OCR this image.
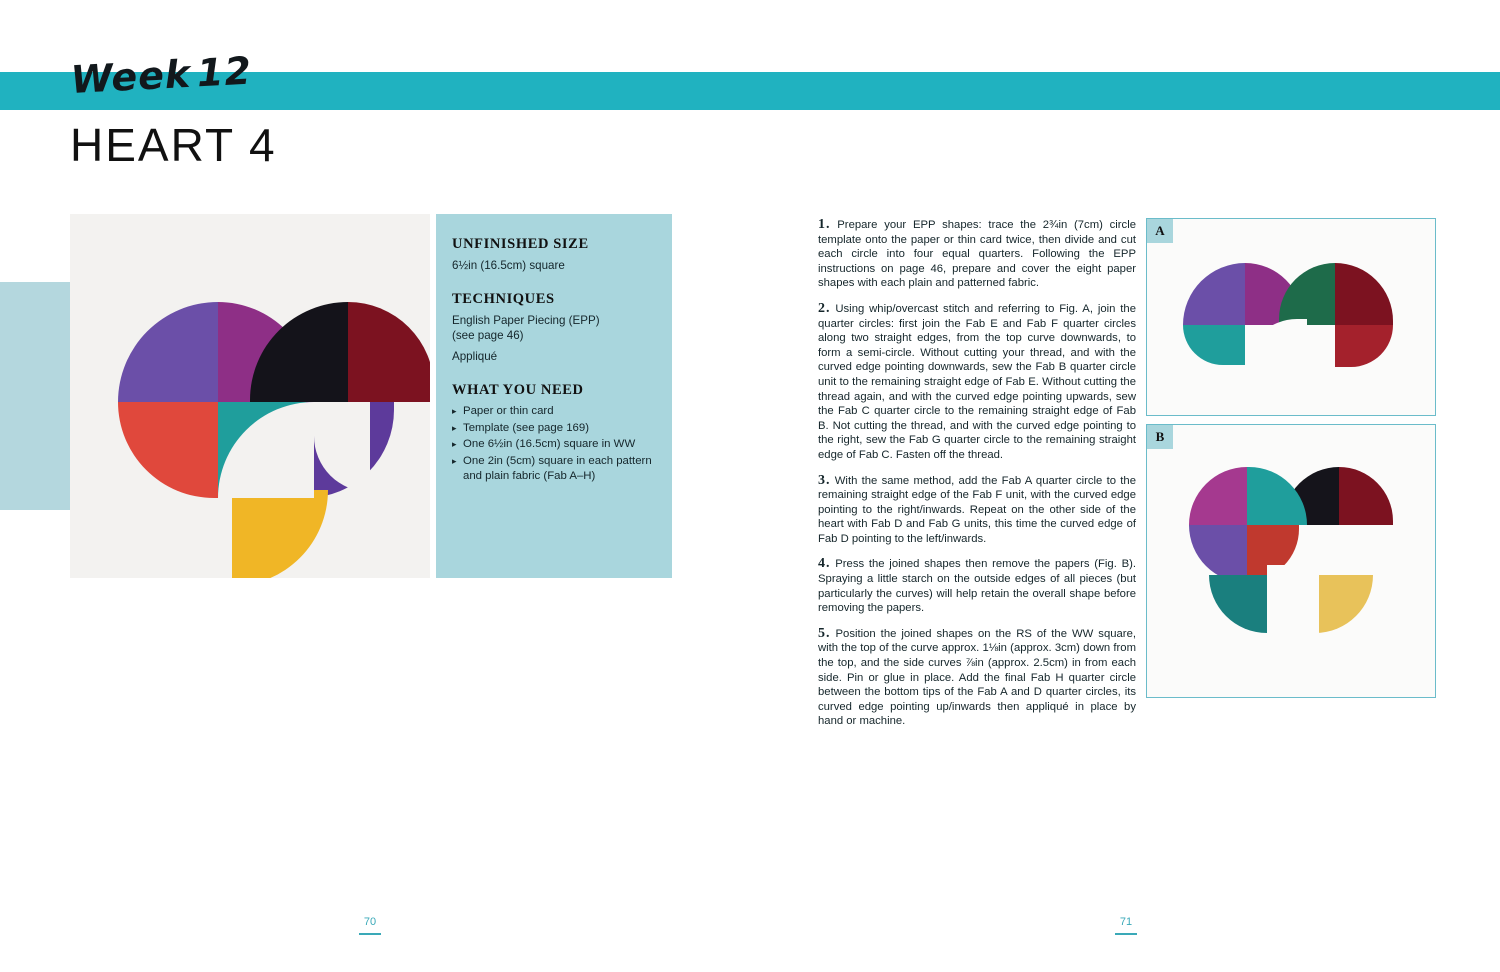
Week12
HEART 4
UNFINISHED SIZE

6½in (16.5cm) square

TECHNIQUES

English Paper Piecing (EPP)

(see page 46)

Appliqué

WHAT YOU NEED
▸ Paper or thin card
▸ Template (see page 169)
▸ One 6½in (16.5cm) square in WW
▸ One 2in (5cm) square in each pattern and plain fabric (Fab A–H)
70

1. Prepare your EPP shapes: trace the 2¾in (7cm) circle template onto the paper or thin card twice, then divide and cut each circle into four equal quarters. Following the EPP instructions on page 46, prepare and cover the eight paper shapes with each plain and patterned fabric.

2. Using whip/overcast stitch and referring to Fig. A, join the quarter circles: first join the Fab E and Fab F quarter circles along two straight edges, from the top curve downwards, to form a semi-circle. Without cutting your thread, and with the curved edge pointing downwards, sew the Fab B quarter circle unit to the remaining straight edge of Fab E. Without cutting the thread again, and with the curved edge pointing upwards, sew the Fab C quarter circle to the remaining straight edge of Fab B. Not cutting the thread, and with the curved edge pointing to the right, sew the Fab G quarter circle to the remaining straight edge of Fab C. Fasten off the thread.

3. With the same method, add the Fab A quarter circle to the remaining straight edge of the Fab F unit, with the curved edge pointing to the right/inwards. Repeat on the other side of the heart with Fab D and Fab G units, this time the curved edge of Fab D pointing to the left/inwards.

4. Press the joined shapes then remove the papers (Fig. B). Spraying a little starch on the outside edges of all pieces (but particularly the curves) will help retain the overall shape before removing the papers.

5. Position the joined shapes on the RS of the WW square, with the top of the curve approx. 1⅛in (approx. 3cm) down from the top, and the side curves ⅞in (approx. 2.5cm) in from each side. Pin or glue in place. Add the final Fab H quarter circle between the bottom tips of the Fab A and D quarter circles, its curved edge pointing up/inwards then appliqué in place by hand or machine.

A
B
71
